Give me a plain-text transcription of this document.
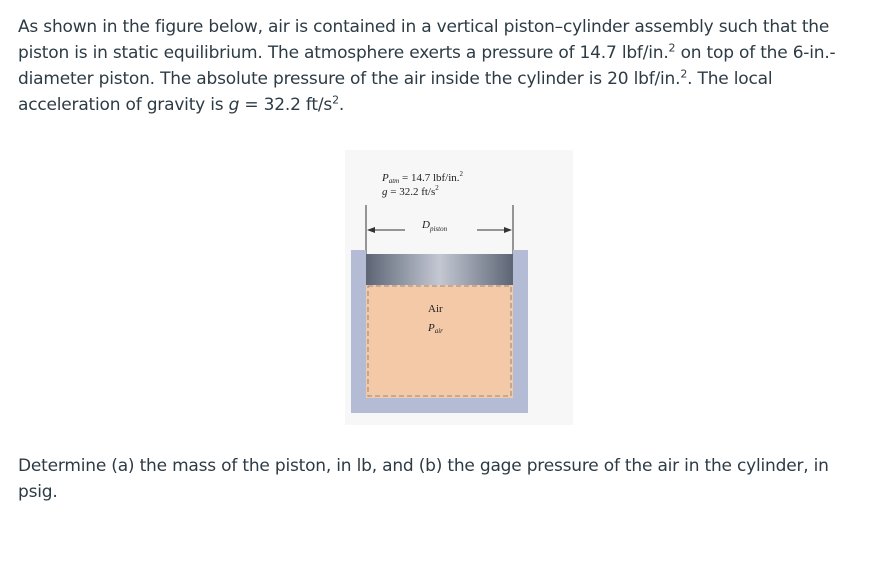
As shown in the figure below, air is contained in a vertical piston–cylinder assembly such that the piston is in static equilibrium. The atmosphere exerts a pressure of 14.7 lbf/in.$^2$ on top of the 6-in.-diameter piston. The absolute pressure of the air inside the cylinder is 20 lbf/in.$^2$. The local acceleration of gravity is g = 32.2 $ft/s^2$.

Patm = 14.7 lbf/in.$^2$
g = 32.2 $ft/s^2$
$D_{piston}$
Air
Pair

Determine (a) the mass of the piston, in lb, and (b) the gage pressure of the air in the cylinder, in psig.
